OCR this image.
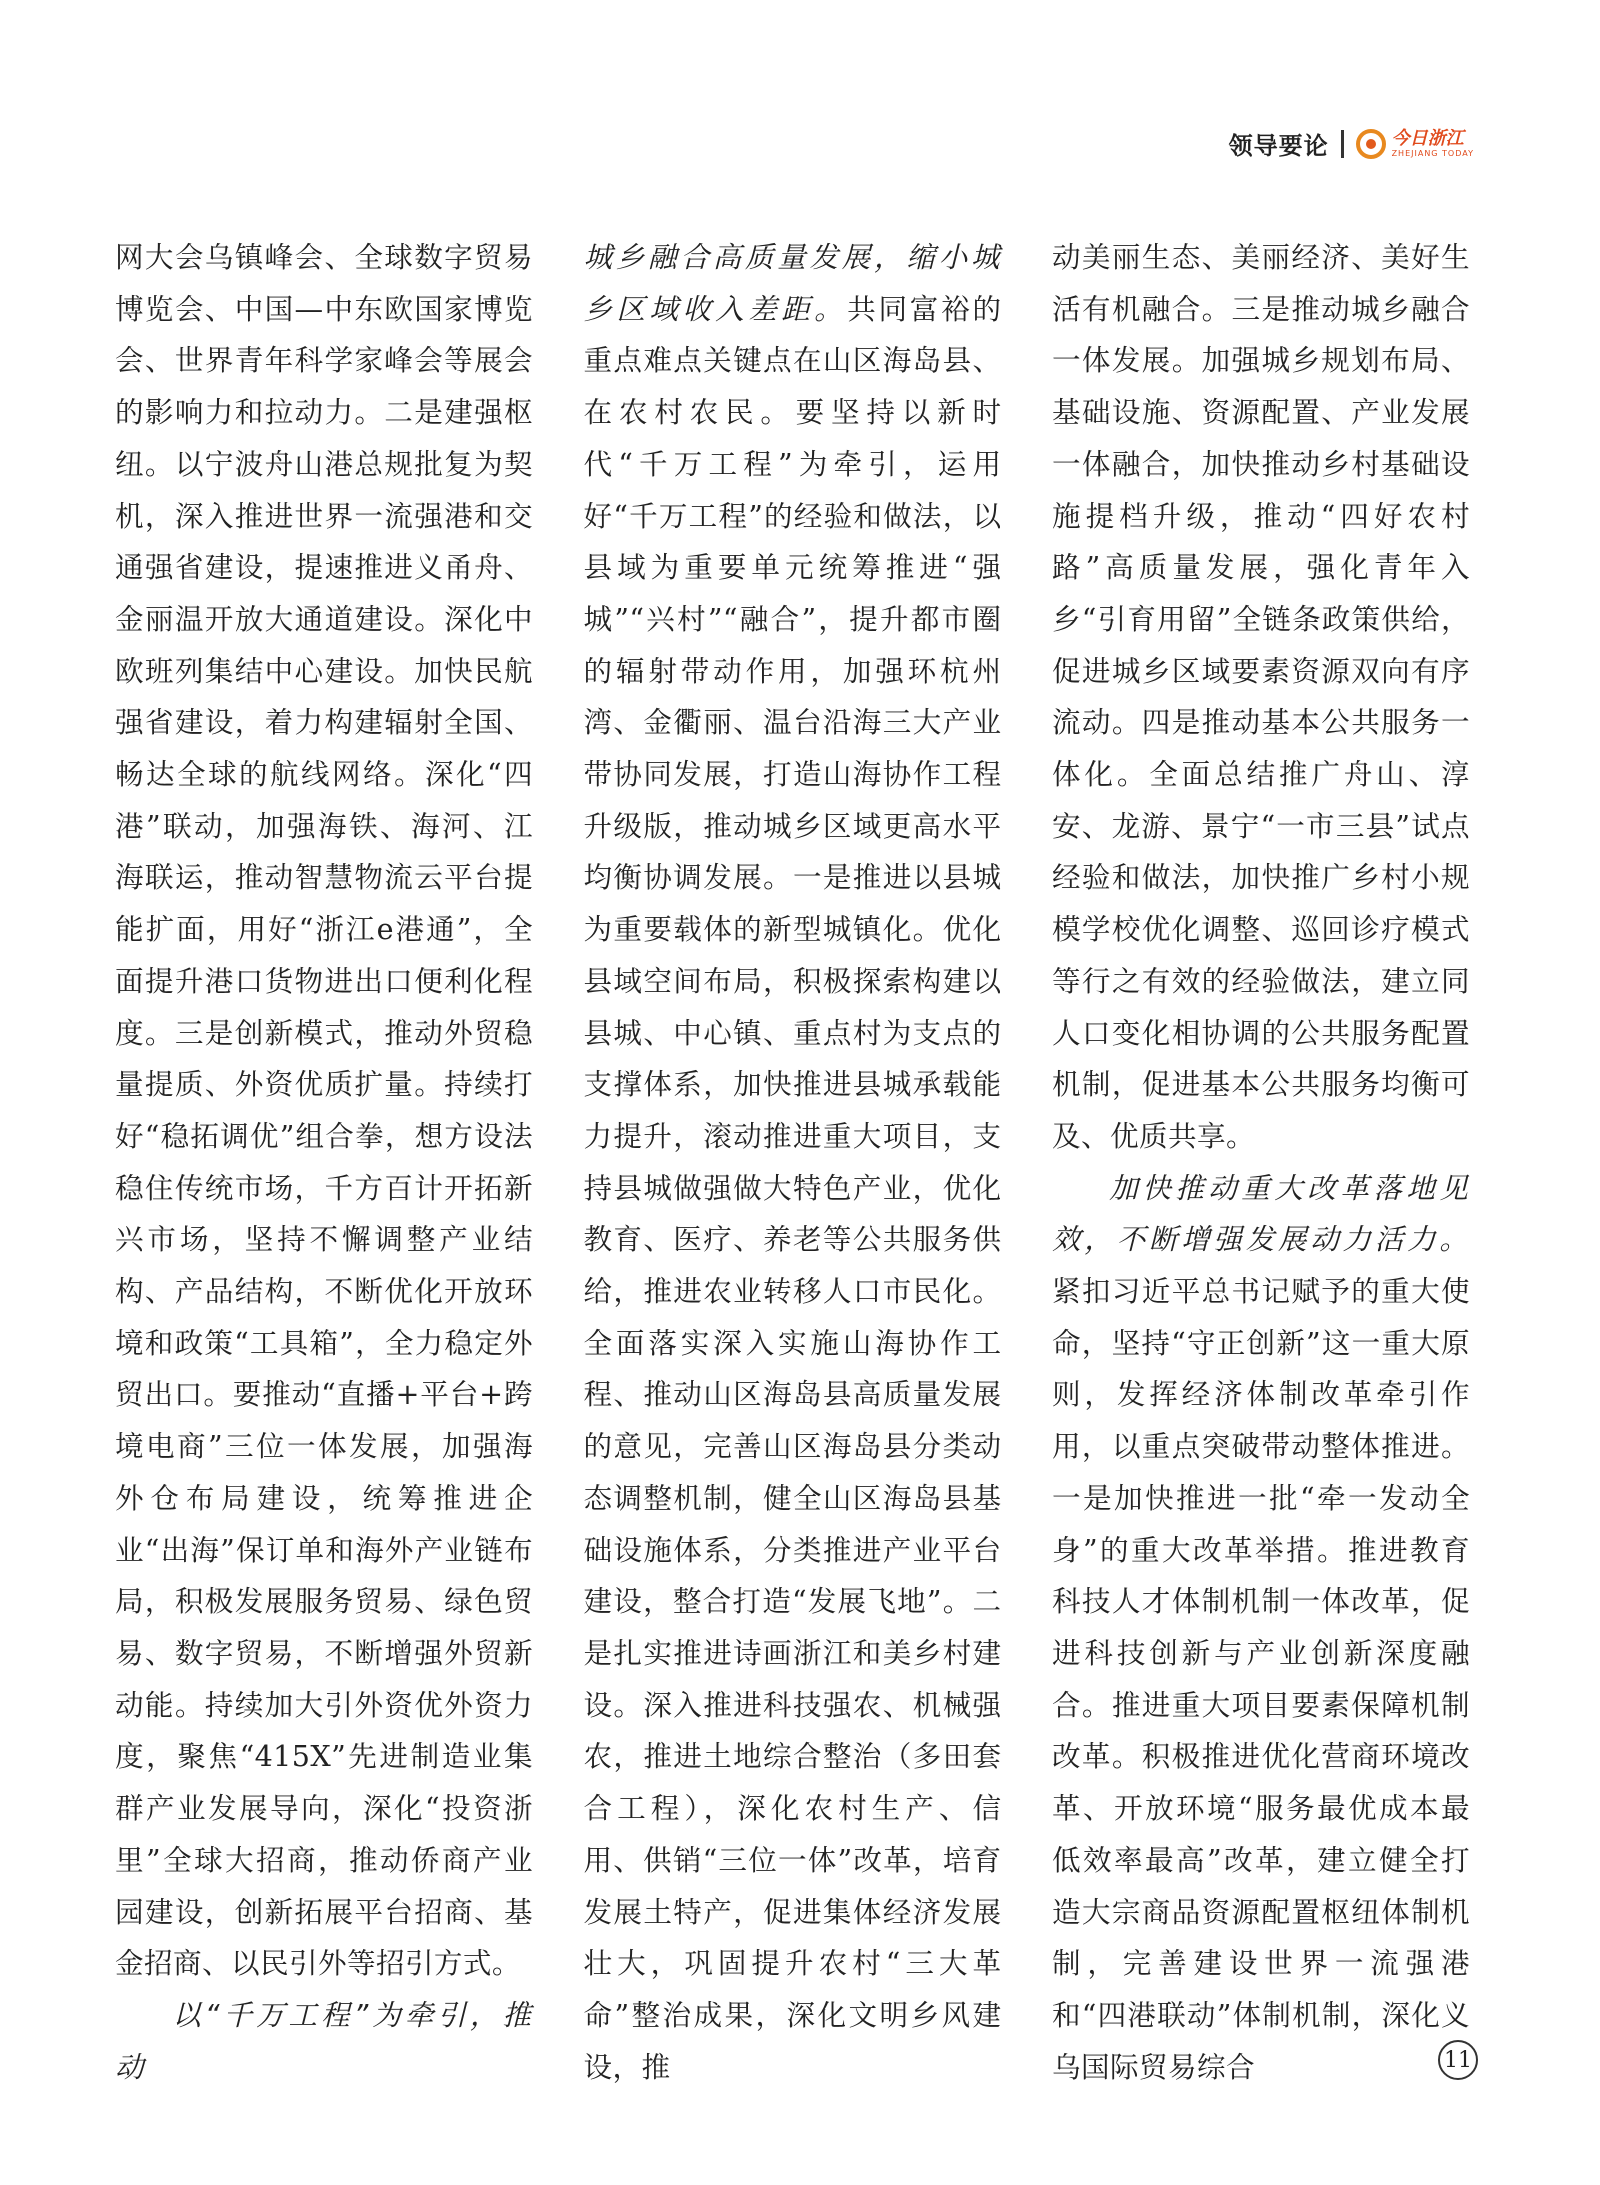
领导要论	今日浙江
ZHEJIANG TODAY

网大会乌镇峰会、全球数字贸易博览会、中国—中东欧国家博览会、世界青年科学家峰会等展会的影响力和拉动力。二是建强枢纽。以宁波舟山港总规批复为契机，深入推进世界一流强港和交通强省建设，提速推进义甬舟、金丽温开放大通道建设。深化中欧班列集结中心建设。加快民航强省建设，着力构建辐射全国、畅达全球的航线网络。深化“四港”联动，加强海铁、海河、江海联运，推动智慧物流云平台提能扩面，用好“浙江e港通”，全面提升港口货物进出口便利化程度。三是创新模式，推动外贸稳量提质、外资优质扩量。持续打好“稳拓调优”组合拳，想方设法稳住传统市场，千方百计开拓新兴市场，坚持不懈调整产业结构、产品结构，不断优化开放环境和政策“工具箱”，全力稳定外贸出口。要推动“直播+平台+跨境电商”三位一体发展，加强海外仓布局建设，统筹推进企业“出海”保订单和海外产业链布局，积极发展服务贸易、绿色贸易、数字贸易，不断增强外贸新动能。持续加大引外资优外资力度，聚焦“415X”先进制造业集群产业发展导向，深化“投资浙里”全球大招商，推动侨商产业园建设，创新拓展平台招商、基金招商、以民引外等招引方式。

以“千万工程”为牵引，推动

城乡融合高质量发展，缩小城乡区域收入差距。共同富裕的重点难点关键点在山区海岛县、在农村农民。要坚持以新时代“千万工程”为牵引，运用好“千万工程”的经验和做法，以县域为重要单元统筹推进“强城”“兴村”“融合”，提升都市圈的辐射带动作用，加强环杭州湾、金衢丽、温台沿海三大产业带协同发展，打造山海协作工程升级版，推动城乡区域更高水平均衡协调发展。一是推进以县城为重要载体的新型城镇化。优化县域空间布局，积极探索构建以县城、中心镇、重点村为支点的支撑体系，加快推进县城承载能力提升，滚动推进重大项目，支持县城做强做大特色产业，优化教育、医疗、养老等公共服务供给，推进农业转移人口市民化。全面落实深入实施山海协作工程、推动山区海岛县高质量发展的意见，完善山区海岛县分类动态调整机制，健全山区海岛县基础设施体系，分类推进产业平台建设，整合打造“发展飞地”。二是扎实推进诗画浙江和美乡村建设。深入推进科技强农、机械强农，推进土地综合整治（多田套合工程），深化农村生产、信用、供销“三位一体”改革，培育发展土特产，促进集体经济发展壮大，巩固提升农村“三大革命”整治成果，深化文明乡风建设，推

动美丽生态、美丽经济、美好生活有机融合。三是推动城乡融合一体发展。加强城乡规划布局、基础设施、资源配置、产业发展一体融合，加快推动乡村基础设施提档升级，推动“四好农村路”高质量发展，强化青年入乡“引育用留”全链条政策供给，促进城乡区域要素资源双向有序流动。四是推动基本公共服务一体化。全面总结推广舟山、淳安、龙游、景宁“一市三县”试点经验和做法，加快推广乡村小规模学校优化调整、巡回诊疗模式等行之有效的经验做法，建立同人口变化相协调的公共服务配置机制，促进基本公共服务均衡可及、优质共享。

加快推动重大改革落地见效，不断增强发展动力活力。紧扣习近平总书记赋予的重大使命，坚持“守正创新”这一重大原则，发挥经济体制改革牵引作用，以重点突破带动整体推进。一是加快推进一批“牵一发动全身”的重大改革举措。推进教育科技人才体制机制一体改革，促进科技创新与产业创新深度融合。推进重大项目要素保障机制改革。积极推进优化营商环境改革、开放环境“服务最优成本最低效率最高”改革，建立健全打造大宗商品资源配置枢纽体制机制，完善建设世界一流强港和“四港联动”体制机制，深化义乌国际贸易综合	11
